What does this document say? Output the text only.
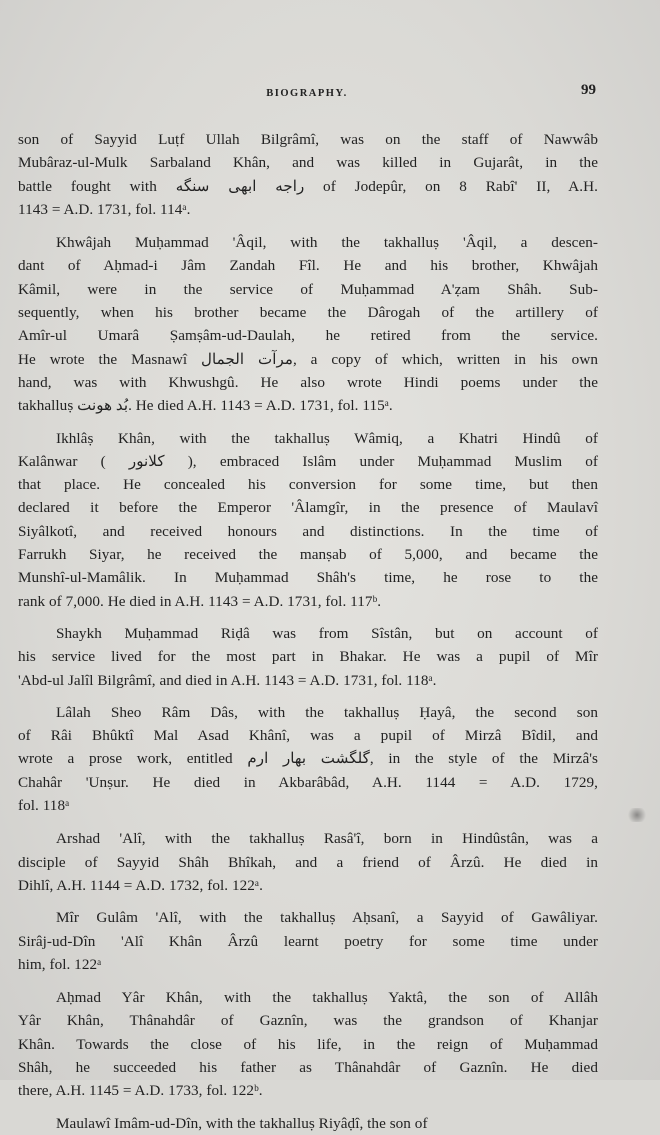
BIOGRAPHY.	99
son of Sayyid Luṭf Ullah Bilgrâmî, was on the staff of Nawwâb
Mubâraz-ul-Mulk Sarbaland Khân, and was killed in Gujarât, in the
battle fought with راجه ابهی سنگه of Jodepûr, on 8 Rabî' II, A.H.
1143 = A.D. 1731, fol. 114ᵃ.
Khwâjah Muḥammad 'Âqil, with the takhalluṣ 'Âqil, a descen-
dant of Aḥmad-i Jâm Zandah Fîl. He and his brother, Khwâjah
Kâmil, were in the service of Muḥammad A'ẓam Shâh. Sub-
sequently, when his brother became the Dârogah of the artillery of
Amîr-ul Umarâ Ṣamṣâm-ud-Daulah, he retired from the service.
He wrote the Masnawî مرآت الجمال, a copy of which, written in his own
hand, was with Khwushgû. He also wrote Hindi poems under the
takhalluṣ بُد هونت. He died A.H. 1143 = A.D. 1731, fol. 115ᵃ.
Ikhlâṣ Khân, with the takhalluṣ Wâmiq, a Khatri Hindû of
Kalânwar ( كلانور ), embraced Islâm under Muḥammad Muslim of
that place. He concealed his conversion for some time, but then
declared it before the Emperor 'Âlamgîr, in the presence of Maulavî
Siyâlkotî, and received honours and distinctions. In the time of
Farrukh Siyar, he received the manṣab of 5,000, and became the
Munshî-ul-Mamâlik. In Muḥammad Shâh's time, he rose to the
rank of 7,000. He died in A.H. 1143 = A.D. 1731, fol. 117ᵇ.
Shaykh Muḥammad Riḍâ was from Sîstân, but on account of
his service lived for the most part in Bhakar. He was a pupil of Mîr
'Abd-ul Jalîl Bilgrâmî, and died in A.H. 1143 = A.D. 1731, fol. 118ᵃ.
Lâlah Sheo Râm Dâs, with the takhalluṣ Ḥayâ, the second son
of Râi Bhûktî Mal Asad Khânî, was a pupil of Mirzâ Bîdil, and
wrote a prose work, entitled گلگشت بهار ارم, in the style of the Mirzâ's
Chahâr 'Unṣur. He died in Akbarâbâd, A.H. 1144 = A.D. 1729,
fol. 118ᵃ
Arshad 'Alî, with the takhalluṣ Rasâ'î, born in Hindûstân, was a
disciple of Sayyid Shâh Bhîkah, and a friend of Ârzû. He died in
Dihlî, A.H. 1144 = A.D. 1732, fol. 122ᵃ.
Mîr Gulâm 'Alî, with the takhalluṣ Aḥsanî, a Sayyid of Gawâliyar.
Sirâj-ud-Dîn 'Alî Khân Ârzû learnt poetry for some time under
him, fol. 122ᵃ
Aḥmad Yâr Khân, with the takhalluṣ Yaktâ, the son of Allâh
Yâr Khân, Thânahdâr of Gaznîn, was the grandson of Khanjar
Khân. Towards the close of his life, in the reign of Muḥammad
Shâh, he succeeded his father as Thânahdâr of Gaznîn. He died
there, A.H. 1145 = A.D. 1733, fol. 122ᵇ.
Maulawî Imâm-ud-Dîn, with the takhalluṣ Riyâḍî, the son of
